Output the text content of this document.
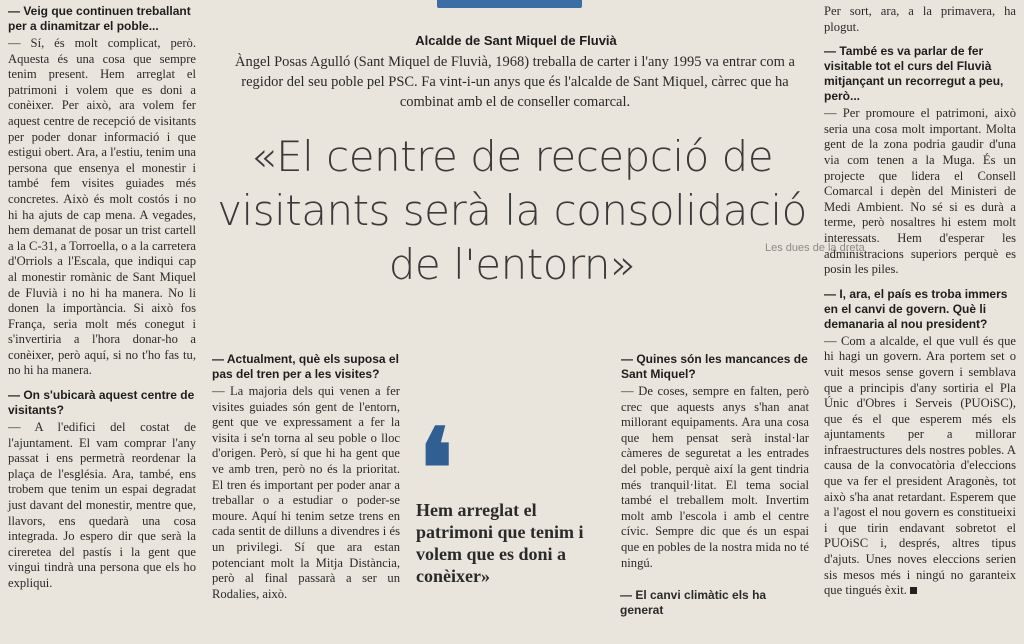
Alcalde de Sant Miquel de Fluvià
Àngel Posas Agulló (Sant Miquel de Fluvià, 1968) treballa de carter i l'any 1995 va entrar com a regidor del seu poble pel PSC. Fa vint-i-un anys que és l'alcalde de Sant Miquel, càrrec que ha combinat amb el de conseller comarcal.
«El centre de recepció de visitants serà la consolidació de l'entorn»
— Veig que continuen treballant per a dinamitzar el poble...

— Sí, és molt complicat, però. Aquesta és una cosa que sempre tenim present. Hem arreglat el patrimoni i volem que es doni a conèixer. Per això, ara volem fer aquest centre de recepció de visitants per poder donar informació i que estigui obert. Ara, a l'estiu, tenim una persona que ensenya el monestir i també fem visites guiades més concretes. Això és molt costós i no hi ha ajuts de cap mena. A vegades, hem demanat de posar un trist cartell a la C-31, a Torroella, o a la carretera d'Orriols a l'Escala, que indiqui cap al monestir romànic de Sant Miquel de Fluvià i no hi ha manera. No li donen la importància. Si això fos França, seria molt més conegut i s'invertiria a l'hora donar-ho a conèixer, però aquí, si no t'ho fas tu, no hi ha manera.

— On s'ubicarà aquest centre de visitants?

— A l'edifici del costat de l'ajuntament. El vam comprar l'any passat i ens permetrà reordenar la plaça de l'església. Ara, també, ens trobem que tenim un espai degradat just davant del monestir, mentre que, llavors, ens quedarà una cosa integrada. Jo espero dir que serà la cireretea del pastís i la gent que vingui tindrà una persona que els ho expliqui.

— Actualment, què els suposa el pas del tren per a les visites?

— La majoria dels qui venen a fer visites guiades són gent de l'entorn, gent que ve expressament a fer la visita i se'n torna al seu poble o lloc d'origen. Però, sí que hi ha gent que ve amb tren, però no és la prioritat. El tren és important per poder anar a treballar o a estudiar o poder-se moure. Aquí hi tenim setze trens en cada sentit de dilluns a divendres i és un privilegi. Sí que ara estan potenciant molt la Mitja Distància, però al final passarà a ser un Rodalies, això.

— Quines són les mancances de Sant Miquel?

— De coses, sempre en falten, però crec que aquests anys s'han anat millorant equipaments. Ara una cosa que hem pensat serà instal·lar càmeres de seguretat a les entrades del poble, perquè així la gent tindria més tranquil·litat. El tema social també el treballem molt. Invertim molt amb l'escola i amb el centre cívic. Sempre dic que és un espai que en pobles de la nostra mida no té ningú.

Per sort, ara, a la primavera, ha plogut.

— També es va parlar de fer visitable tot el curs del Fluvià mitjançant un recorregut a peu, però...

— Per promoure el patrimoni, això seria una cosa molt important. Molta gent de la zona podria gaudir d'una via com tenen a la Muga. És un projecte que lidera el Consell Comarcal i depèn del Ministeri de Medi Ambient. No sé si es durà a terme, però nosaltres hi estem molt interessats. Hem d'esperar les administracions superiors perquè es posin les piles.

— I, ara, el país es troba immers en el canvi de govern. Què li demanaria al nou president?

— Com a alcalde, el que vull és que hi hagi un govern. Ara portem set o vuit mesos sense govern i semblava que a principis d'any sortiria el Pla Únic d'Obres i Serveis (PUOiSC), que és el que esperem més els ajuntaments per a millorar infraestructures dels nostres pobles. A causa de la convocatòria d'eleccions que va fer el president Aragonès, tot això s'ha anat retardant. Esperem que a l'agost el nou govern es constitueixi i que tirin endavant sobretot el PUOiSC i, després, altres tipus d'ajuts. Unes noves eleccions serien sis mesos més i ningú no garanteix que tingués èxit.

❛
Hem arreglat el patrimoni que tenim i volem que es doni a conèixer»
— El canvi climàtic els ha generat
Les dues de la dreta
